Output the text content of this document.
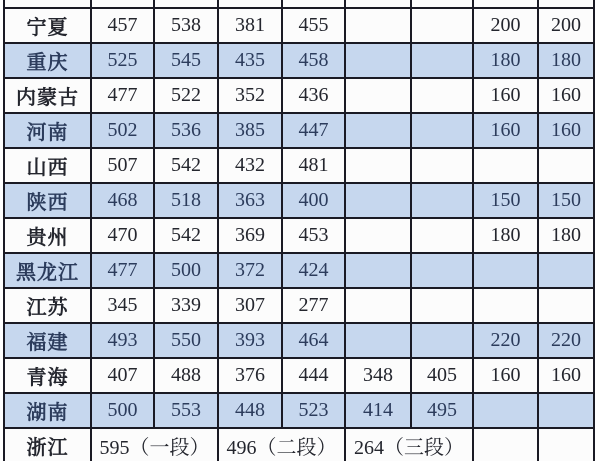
宁夏	457	538	381	455			200	200
重庆	525	545	435	458			180	180
内蒙古	477	522	352	436			160	160
河南	502	536	385	447			160	160
山西	507	542	432	481				
陕西	468	518	363	400			150	150
贵州	470	542	369	453			180	180
黑龙江	477	500	372	424				
江苏	345	339	307	277				
福建	493	550	393	464			220	220
青海	407	488	376	444	348	405	160	160
湖南	500	553	448	523	414	495		
浙江	595（一段）		496（二段）		264（三段）			
